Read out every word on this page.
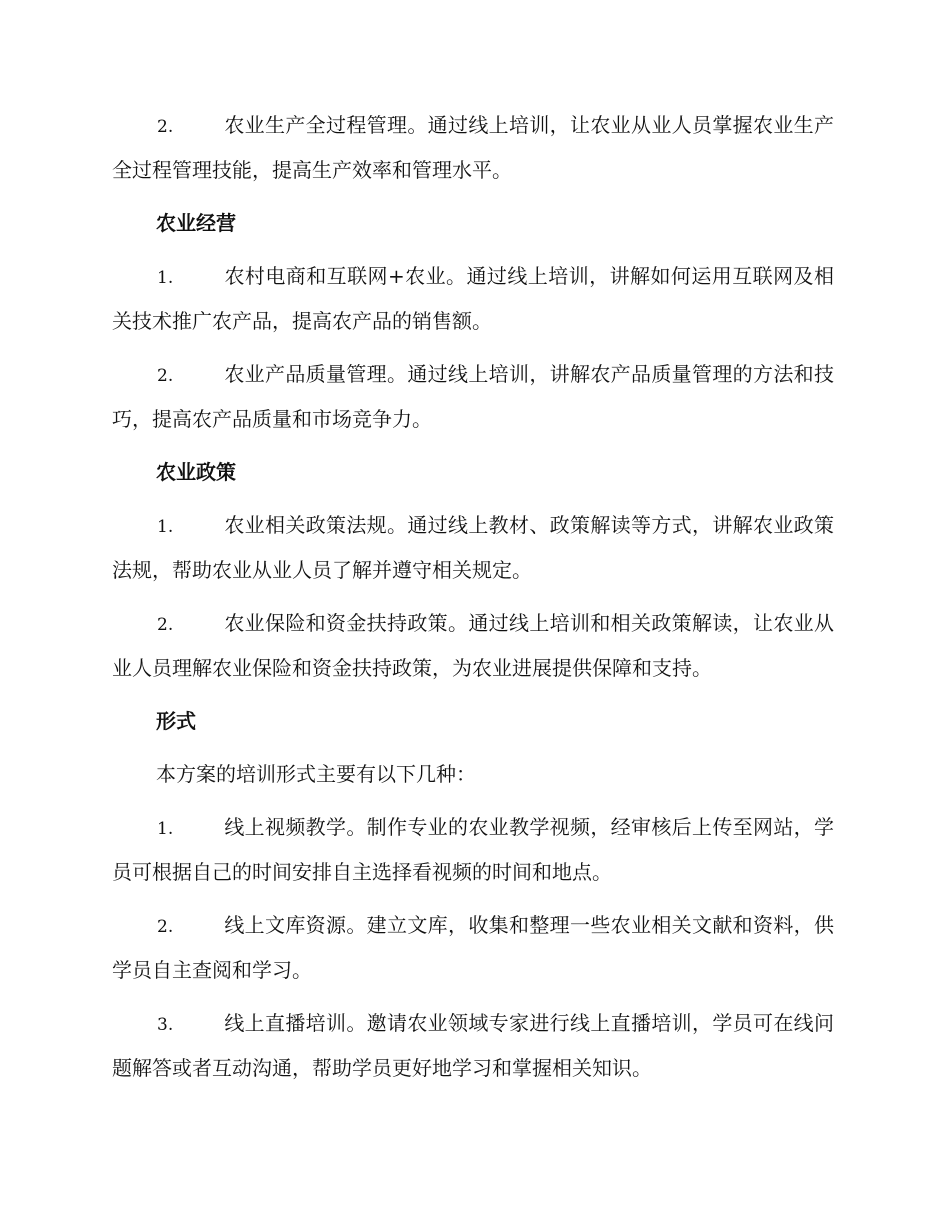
2.	农业生产全过程管理。通过线上培训，让农业从业人员掌握农业生产全过程管理技能，提高生产效率和管理水平。

农业经营

1.	农村电商和互联网+农业。通过线上培训，讲解如何运用互联网及相关技术推广农产品，提高农产品的销售额。

2.	农业产品质量管理。通过线上培训，讲解农产品质量管理的方法和技巧，提高农产品质量和市场竞争力。

农业政策

1.	农业相关政策法规。通过线上教材、政策解读等方式，讲解农业政策法规，帮助农业从业人员了解并遵守相关规定。

2.	农业保险和资金扶持政策。通过线上培训和相关政策解读，让农业从业人员理解农业保险和资金扶持政策，为农业进展提供保障和支持。

形式

本方案的培训形式主要有以下几种：

1.	线上视频教学。制作专业的农业教学视频，经审核后上传至网站，学员可根据自己的时间安排自主选择看视频的时间和地点。

2.	线上文库资源。建立文库，收集和整理一些农业相关文献和资料，供学员自主查阅和学习。

3.	线上直播培训。邀请农业领域专家进行线上直播培训，学员可在线问题解答或者互动沟通，帮助学员更好地学习和掌握相关知识。
